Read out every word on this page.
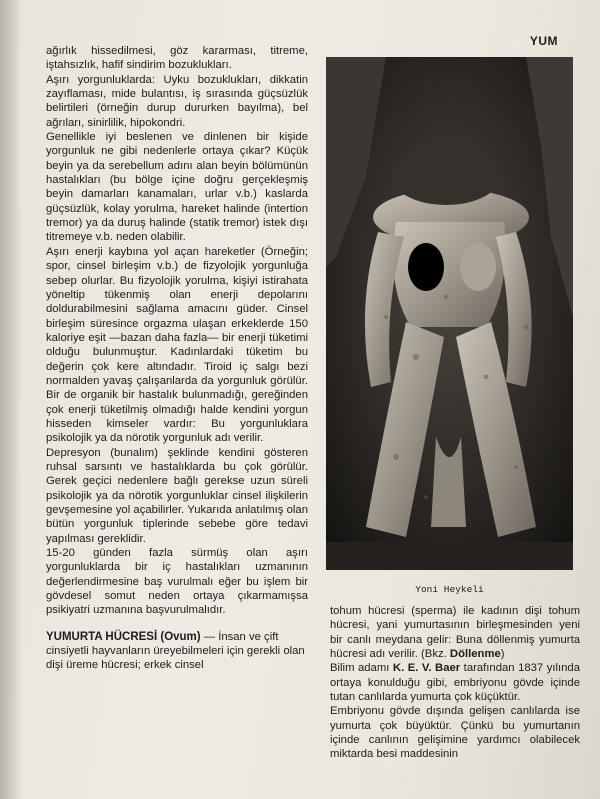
YUM

ağırlık hissedilmesi, göz kararması, titreme, iştahsızlık, hafif sindirim bozuklukları.

Aşırı yorgunluklarda: Uyku bozuklukları, dikkatin zayıflaması, mide bulantısı, iş sırasında güçsüzlük belirtileri (örneğin durup dururken bayılma), bel ağrıları, sinirlilik, hipokondri.

Genellikle iyi beslenen ve dinlenen bir kişide yorgunluk ne gibi nedenlerle ortaya çıkar? Küçük beyin ya da serebellum adını alan beyin bölümünün hastalıkları (bu bölge içine doğru gerçekleşmiş beyin damarları kanamaları, urlar v.b.) kaslarda güçsüzlük, kolay yorulma, hareket halinde (intertion tremor) ya da duruş halinde (statik tremor) istek dışı titremeye v.b. neden olabilir.

Aşırı enerji kaybına yol açan hareketler (Örneğin; spor, cinsel birleşim v.b.) de fizyolojik yorgunluğa sebep olurlar. Bu fizyolojik yorulma, kişiyi istirahata yöneltip tükenmiş olan enerji depolarını doldurabilmesini sağlama amacını güder. Cinsel birleşim süresince orgazma ulaşan erkeklerde 150 kaloriye eşit —bazan daha fazla— bir enerji tüketimi olduğu bulunmuştur. Kadınlardaki tüketim bu değerin çok kere altındadır. Tiroid iç salgı bezi normalden yavaş çalışanlarda da yorgunluk görülür. Bir de organik bir hastalık bulunmadığı, gereğinden çok enerji tüketilmiş olmadığı halde kendini yorgun hisseden kimseler vardır: Bu yorgunluklara psikolojik ya da nörotik yorgunluk adı verilir.

Depresyon (bunalım) şeklinde kendini gösteren ruhsal sarsıntı ve hastalıklarda bu çok görülür. Gerek geçici nedenlere bağlı gerekse uzun süreli psikolojik ya da nörotik yorgunluklar cinsel ilişkilerin gevşemesine yol açabilirler. Yukarıda anlatılmış olan bütün yorgunluk tiplerinde sebebe göre tedavi yapılması gereklidir.

15-20 günden fazla sürmüş olan aşırı yorgunluklarda bir iç hastalıkları uzmanının değerlendirmesine baş vurulmalı eğer bu işlem bir gövdesel somut neden ortaya çıkarmamışsa psikiyatri uzmanına başvurulmalıdır.

YUMURTA HÜCRESİ (Ovum) — İnsan ve çift cinsiyetli hayvanların üreyebilmeleri için gerekli olan dişi üreme hücresi; erkek cinsel

Yoni Heykeli

tohum hücresi (sperma) ile kadının dişi tohum hücresi, yani yumurtasının birleşmesinden yeni bir canlı meydana gelir: Buna döllenmiş yumurta hücresi adı verilir. (Bkz. Döllenme)

Bilim adamı K. E. V. Baer tarafından 1837 yılında ortaya konulduğu gibi, embriyonu gövde içinde tutan canlılarda yumurta çok küçüktür.

Embriyonu gövde dışında gelişen canlılarda ise yumurta çok büyüktür. Çünkü bu yumurtanın içinde canlının gelişimine yardımcı olabilecek miktarda besi maddesinin
